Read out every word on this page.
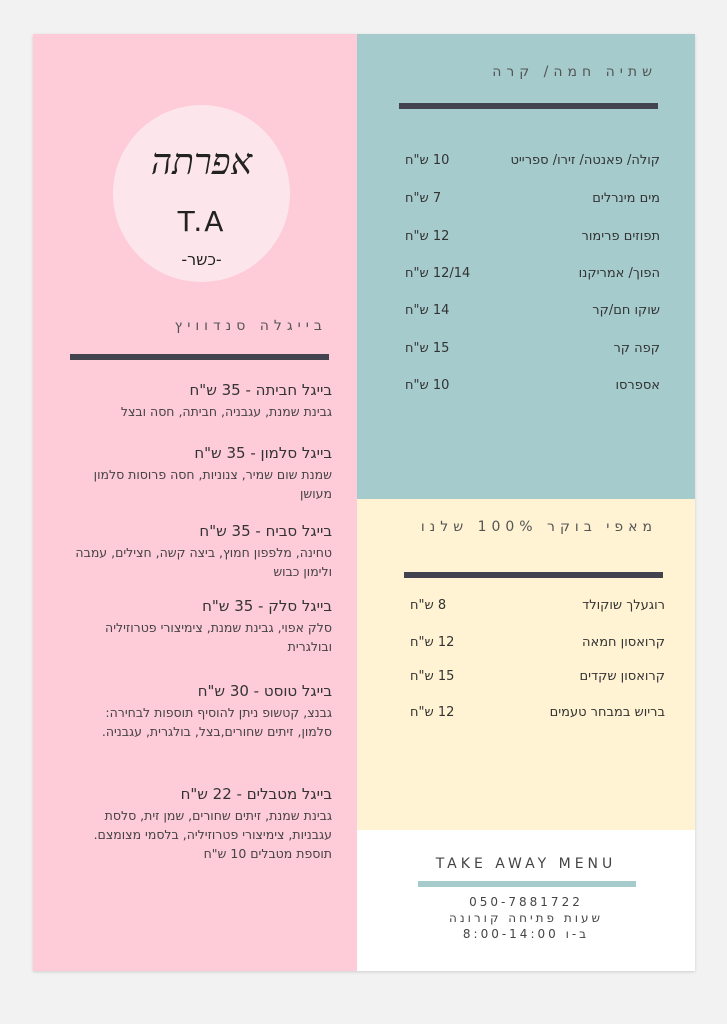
אפרתה
T.A
-כשר-
שתיה חמה/ קרה
קולה/ פאנטה/ זירו/ ספרייט
10 ש"ח
מים מינרלים
7 ש"ח
תפוזים פרימור
12 ש"ח
הפוך/ אמריקנו
12/14 ש"ח
שוקו חם/קר
14 ש"ח
קפה קר
15 ש"ח
אספרסו
10 ש"ח
בייגלה סנדוויץ
בייגל חביתה - 35 ש"ח
גבינת שמנת, עגבניה, חביתה, חסה ובצל
בייגל סלמון - 35 ש"ח
שמנת שום שמיר, צנוניות, חסה פרוסות סלמון מעושן
בייגל סביח - 35 ש"ח
טחינה, מלפפון חמוץ, ביצה קשה, חצילים, עמבה ולימון כבוש
בייגל סלק - 35 ש"ח
סלק אפוי, גבינת שמנת, צימיצורי פטרוזיליה ובולגרית
בייגל טוסט - 30 ש"ח
גבנצ, קטשופ ניתן להוסיף תוספות לבחירה: סלמון, זיתים שחורים,בצל, בולגרית, עגבניה.
בייגל מטבלים - 22 ש"ח
גבינת שמנת, זיתים שחורים, שמן זית, סלסת עגבניות, צימיצורי פטרוזיליה, בלסמי מצומצם. תוספת מטבלים 10 ש"ח
מאפי בוקר 100% שלנו
רוגעלך שוקולד
8 ש"ח
קרואסון חמאה
12 ש"ח
קרואסון שקדים
15 ש"ח
בריוש במבחר טעמים
12 ש"ח
TAKE AWAY MENU
050-7881722
שעות פתיחה קורונה
ב-ו 8:00-14:00
